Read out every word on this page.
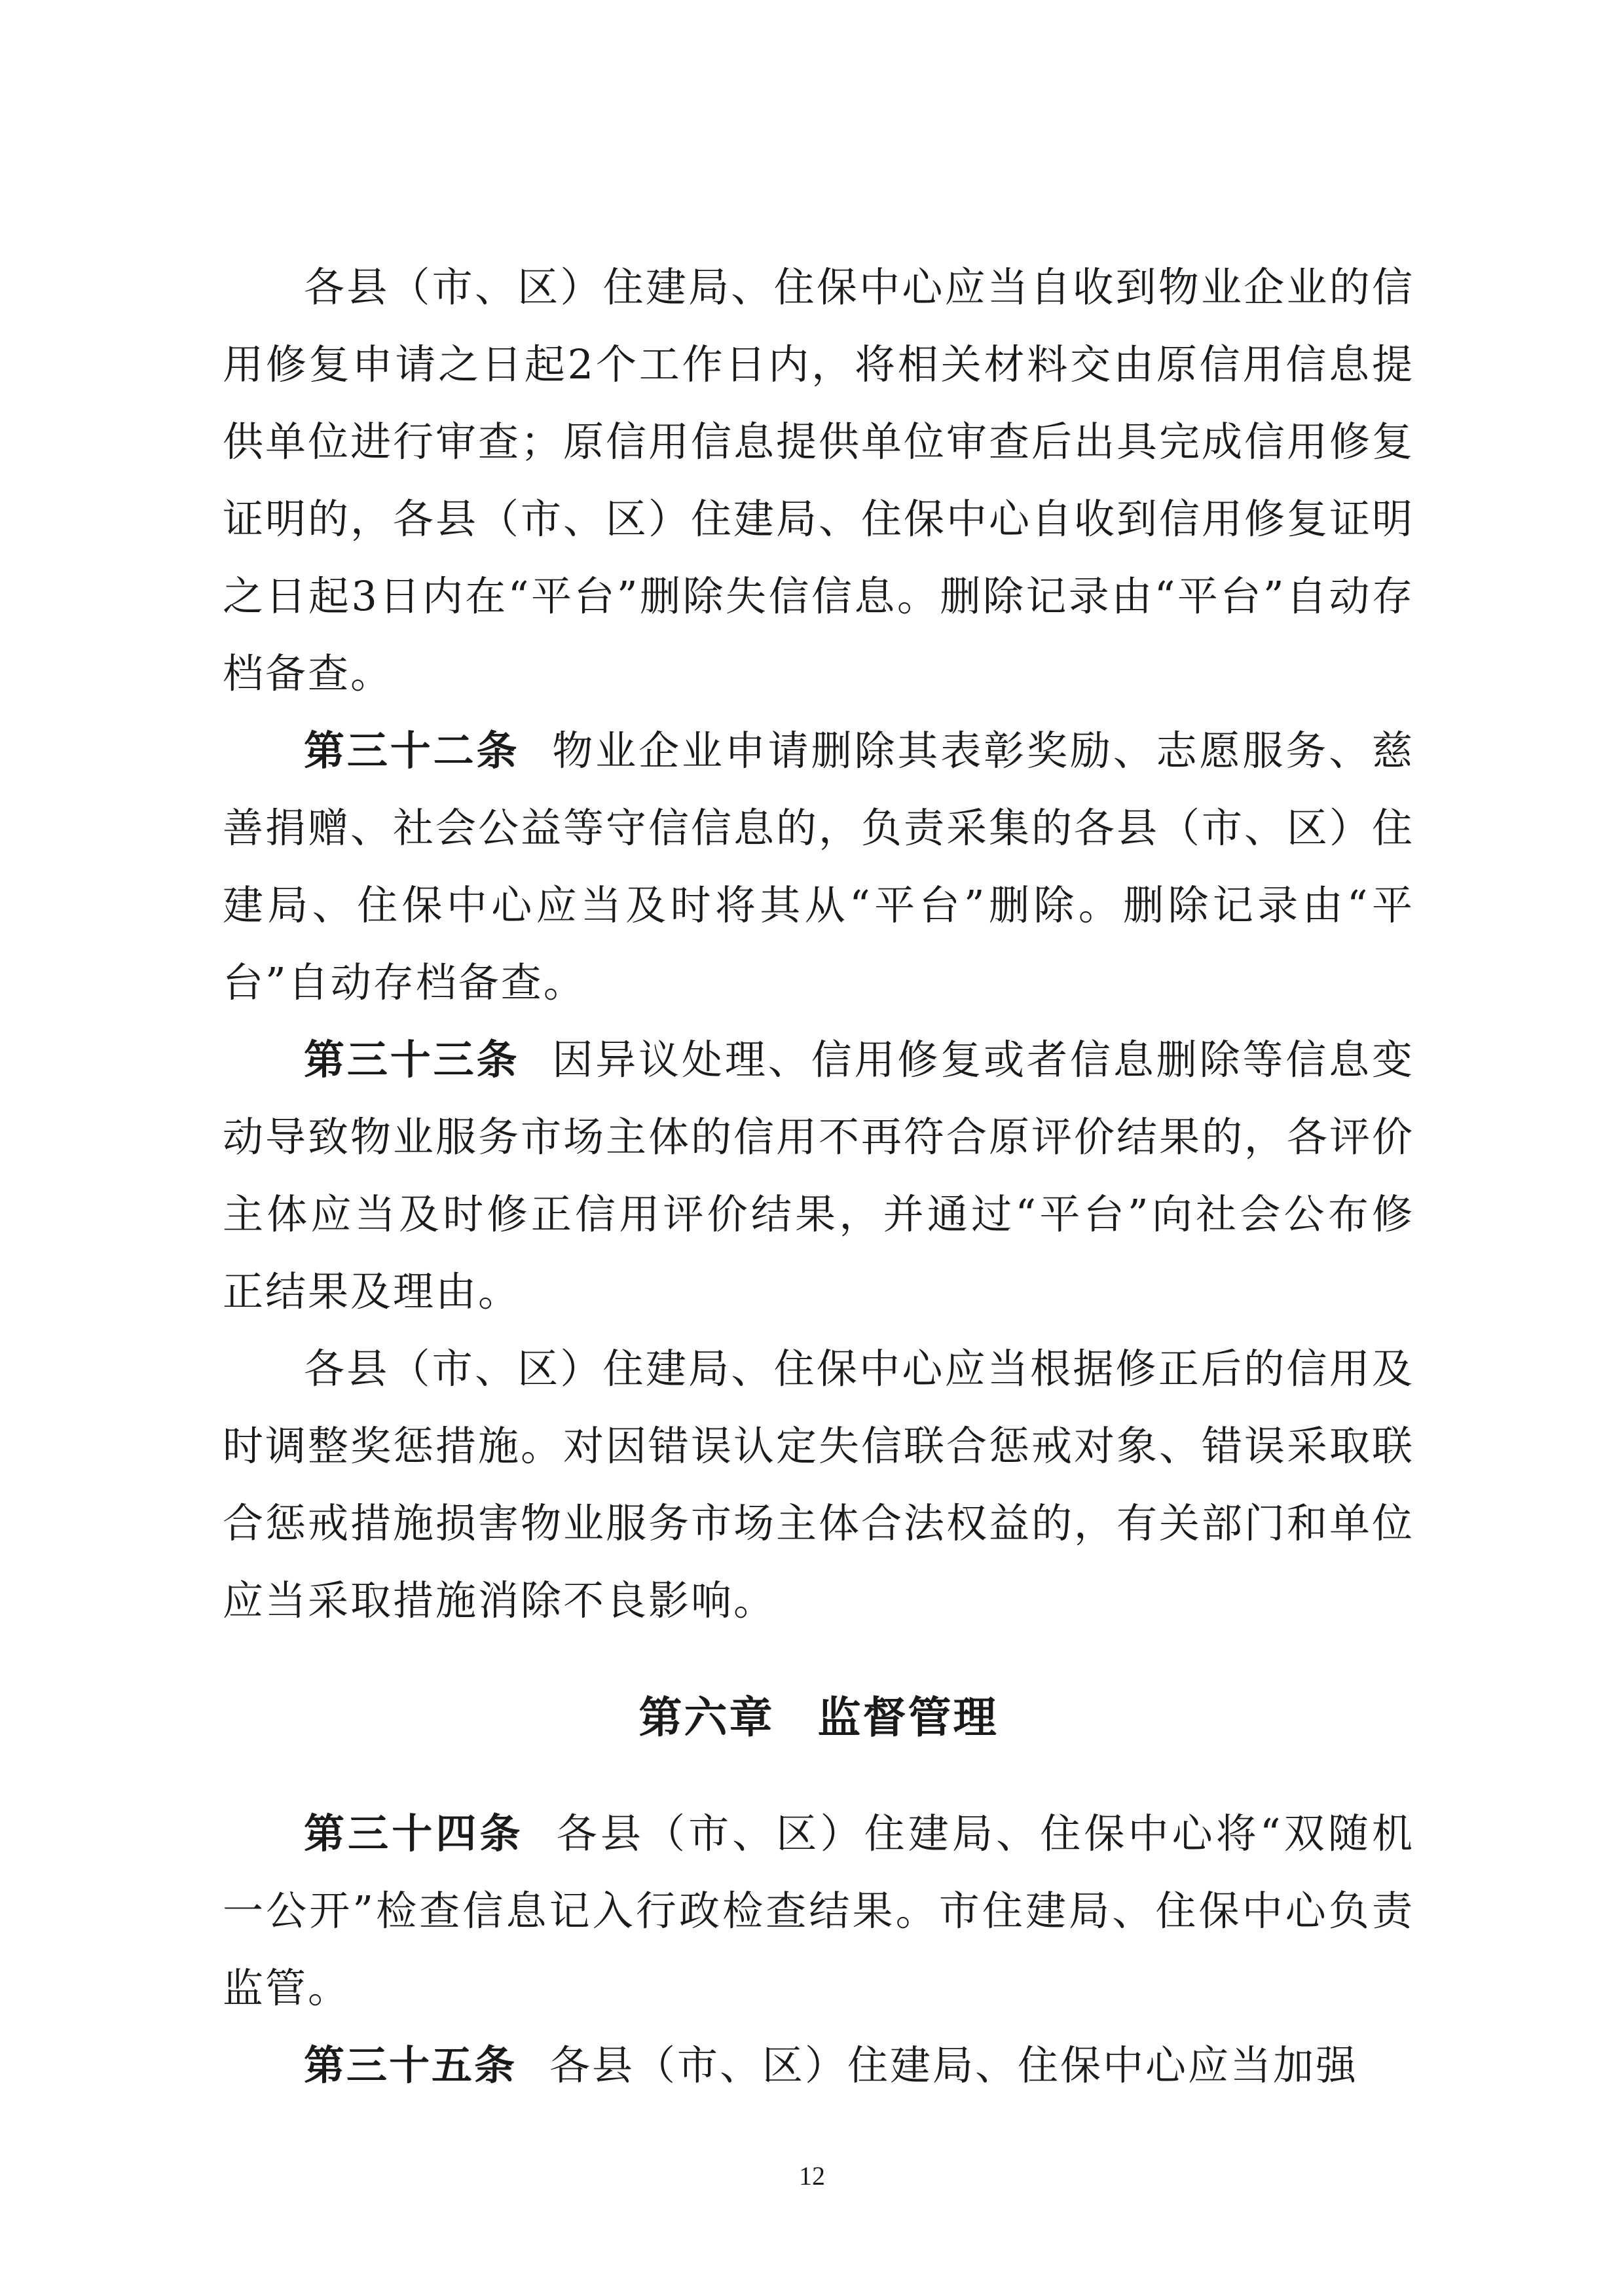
各县（市、区）住建局、住保中心应当自收到物业企业的信用修复申请之日起2个工作日内，将相关材料交由原信用信息提供单位进行审查；原信用信息提供单位审查后出具完成信用修复证明的，各县（市、区）住建局、住保中心自收到信用修复证明之日起3日内在“平台”删除失信信息。删除记录由“平台”自动存档备查。

第三十二条 物业企业申请删除其表彰奖励、志愿服务、慈善捐赠、社会公益等守信信息的，负责采集的各县（市、区）住建局、住保中心应当及时将其从“平台”删除。删除记录由“平台”自动存档备查。

第三十三条 因异议处理、信用修复或者信息删除等信息变动导致物业服务市场主体的信用不再符合原评价结果的，各评价主体应当及时修正信用评价结果，并通过“平台”向社会公布修正结果及理由。

各县（市、区）住建局、住保中心应当根据修正后的信用及时调整奖惩措施。对因错误认定失信联合惩戒对象、错误采取联合惩戒措施损害物业服务市场主体合法权益的，有关部门和单位应当采取措施消除不良影响。

第六章 监督管理

第三十四条 各县（市、区）住建局、住保中心将“双随机一公开”检查信息记入行政检查结果。市住建局、住保中心负责监管。

第三十五条 各县（市、区）住建局、住保中心应当加强

12
